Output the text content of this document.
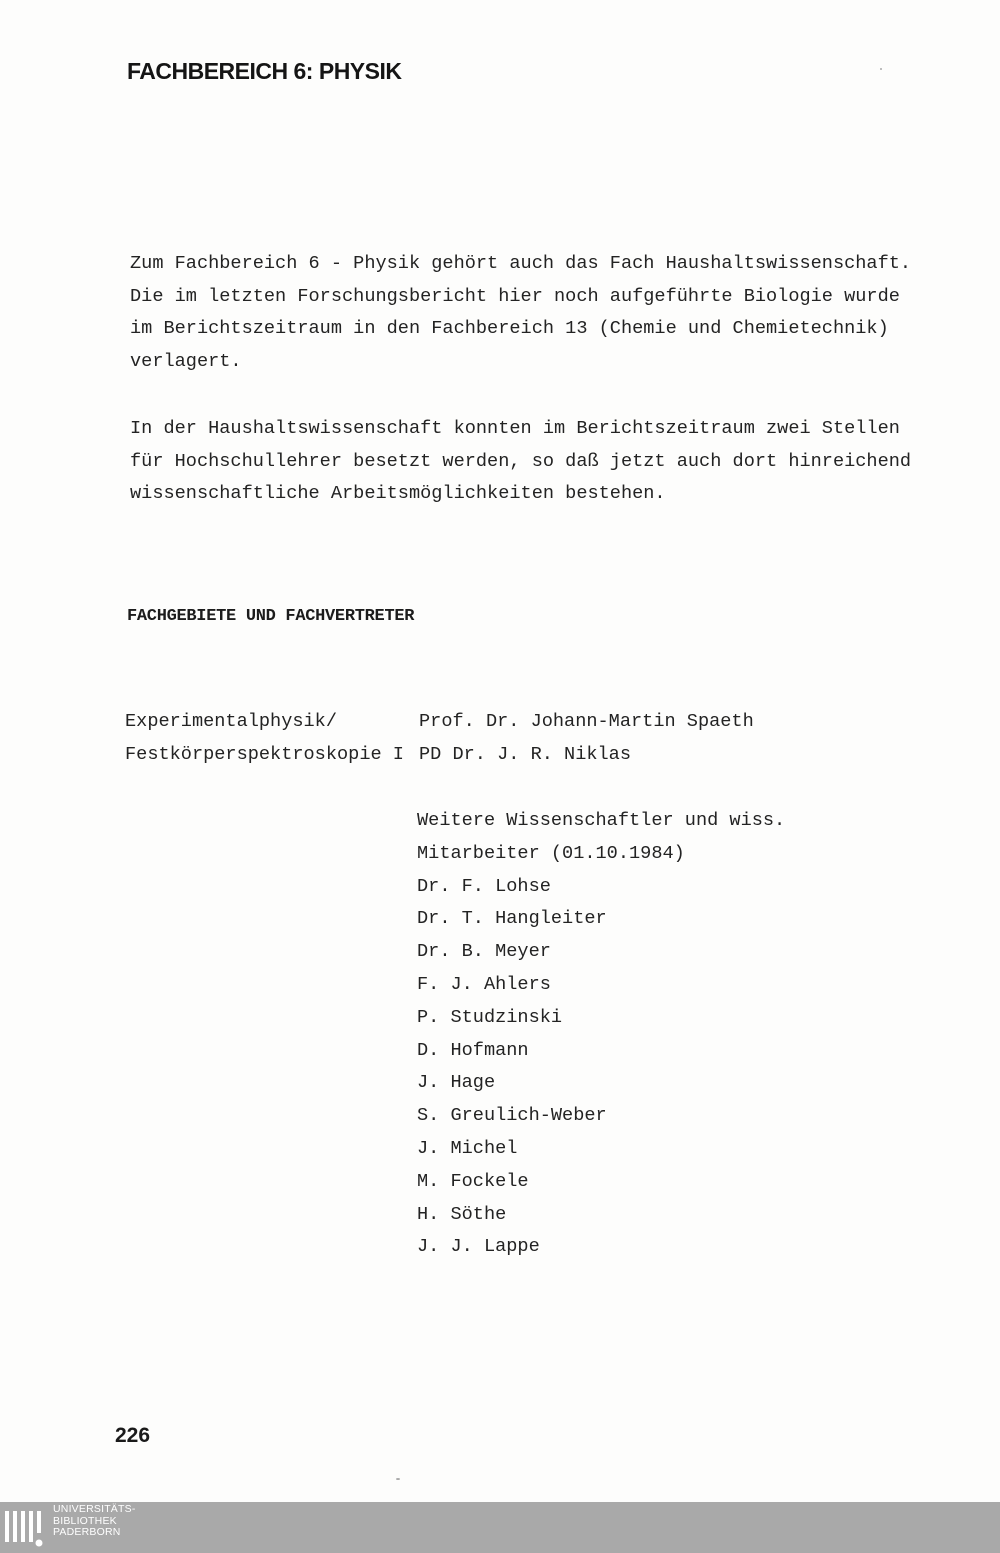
FACHBEREICH 6: PHYSIK

Zum Fachbereich 6 - Physik gehört auch das Fach Haushaltswissenschaft.
Die im letzten Forschungsbericht hier noch aufgeführte Biologie wurde
im Berichtszeitraum in den Fachbereich 13 (Chemie und Chemietechnik)
verlagert.

In der Haushaltswissenschaft konnten im Berichtszeitraum zwei Stellen
für Hochschullehrer besetzt werden, so daß jetzt auch dort hinreichend
wissenschaftliche Arbeitsmöglichkeiten bestehen.

FACHGEBIETE UND FACHVERTRETER
Experimentalphysik/
Festkörperspektroskopie I
Prof. Dr. Johann-Martin Spaeth
PD Dr. J. R. Niklas
Weitere Wissenschaftler und wiss.
Mitarbeiter (01.10.1984)
Dr. F. Lohse
Dr. T. Hangleiter
Dr. B. Meyer
F. J. Ahlers
P. Studzinski
D. Hofmann
J. Hage
S. Greulich-Weber
J. Michel
M. Fockele
H. Söthe
J. J. Lappe
226
UNIVERSITÄTS-
BIBLIOTHEK
PADERBORN
